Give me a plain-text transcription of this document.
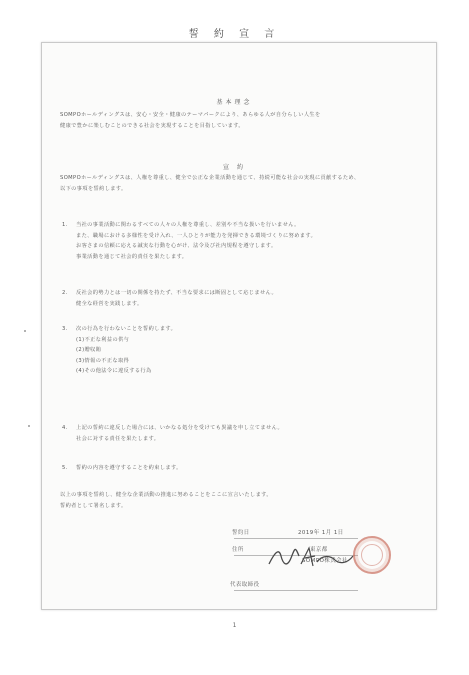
誓 約 宣 言
基本理念
SOMPOホールディングスは、安心・安全・健康のテーマパークにより、あらゆる人が自分らしい人生を
健康で豊かに楽しむことのできる社会を実現することを目指しています。
宣 約
SOMPOホールディングスは、人権を尊重し、健全で公正な企業活動を通じて、持続可能な社会の実現に貢献するため、
以下の事項を誓約します。
1. 当社の事業活動に関わるすべての人々の人権を尊重し、差別や不当な扱いを行いません。
また、職場における多様性を受け入れ、一人ひとりが能力を発揮できる環境づくりに努めます。
お客さまの信頼に応える誠実な行動を心がけ、法令及び社内規程を遵守します。
事業活動を通じて社会的責任を果たします。
2. 反社会的勢力とは一切の関係を持たず、不当な要求には断固として応じません。
健全な経営を実践します。
3. 次の行為を行わないことを誓約します。
(1)不正な利益の供与
(2)贈収賄
(3)情報の不正な取得
(4)その他法令に違反する行為
4. 上記の誓約に違反した場合には、いかなる処分を受けても異議を申し立てません。
社会に対する責任を果たします。
5. 誓約の内容を遵守することを約束します。
以上の事項を誓約し、健全な企業活動の推進に努めることをここに宣言いたします。
誓約者として署名します。
誓約日	2019年 1月 1日
住所	東京都
SOMPO株式会社
代表取締役
1
